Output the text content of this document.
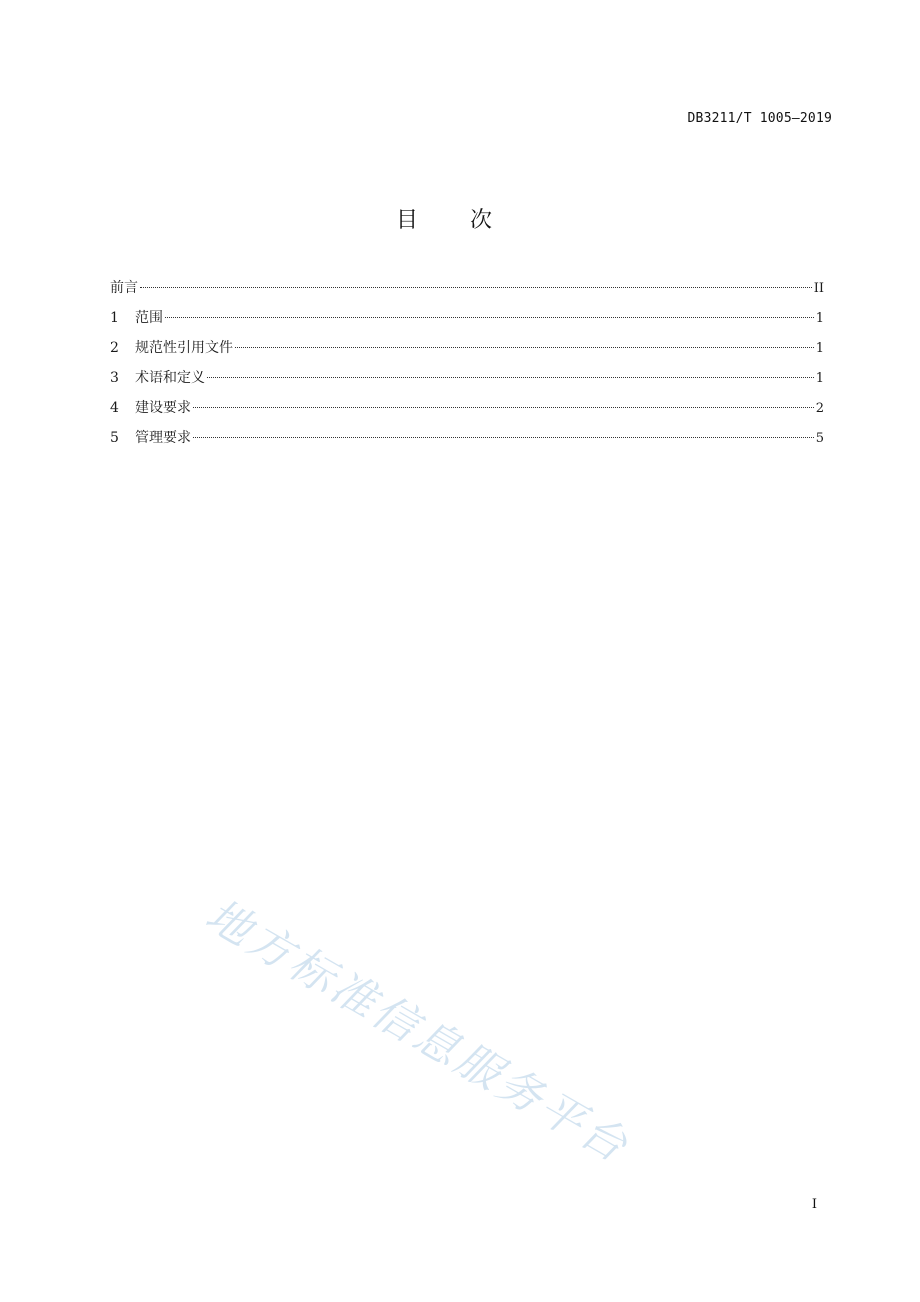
DB3211/T 1005—2019
目次
前言	II
1	范围	1
2	规范性引用文件	1
3	术语和定义	1
4	建设要求	2
5	管理要求	5
地方标准信息服务平台
I
